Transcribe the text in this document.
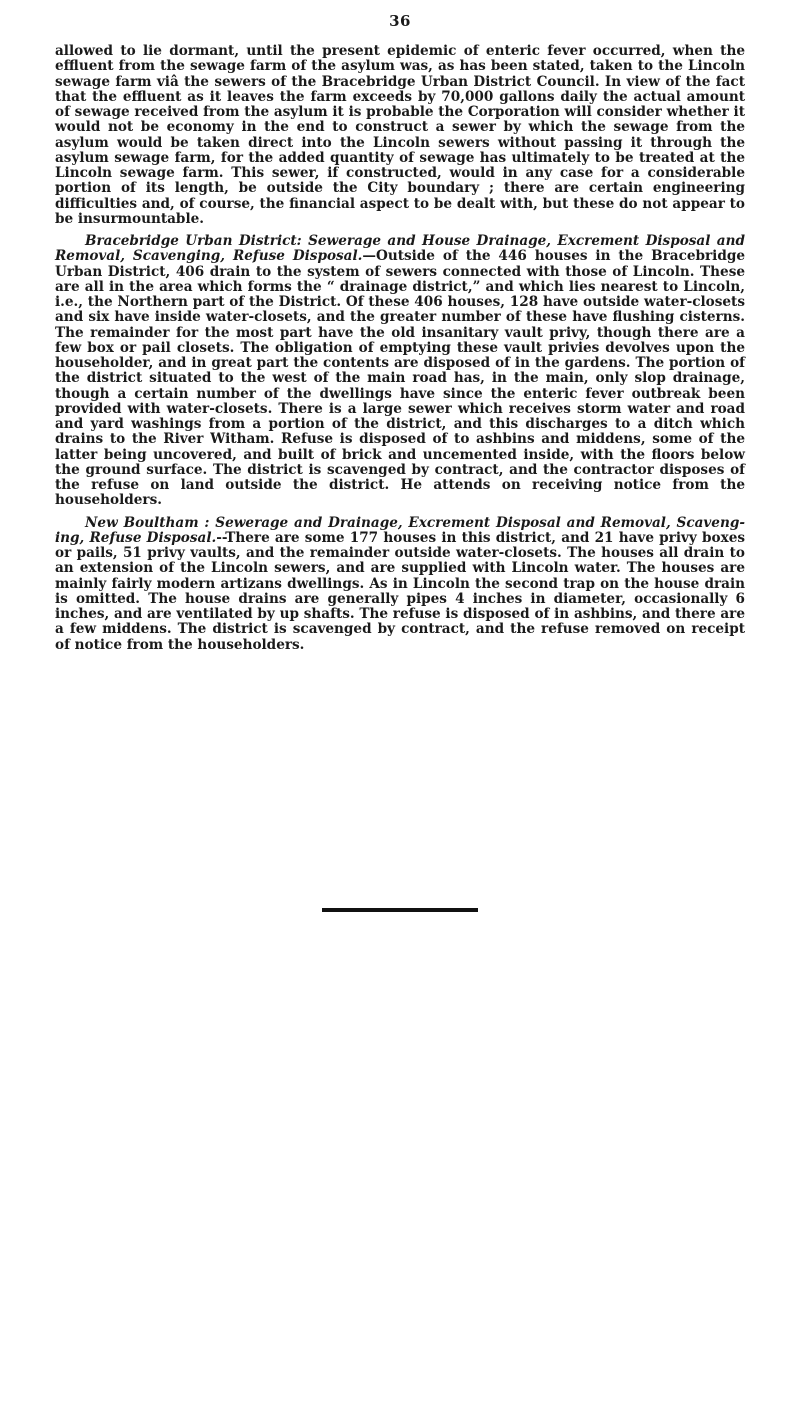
36

allowed to lie dormant, until the present epidemic of enteric fever occurred, when the effluent from the sewage farm of the asylum was, as has been stated, taken to the Lincoln sewage farm viâ the sewers of the Bracebridge Urban District Council. In view of the fact that the effluent as it leaves the farm exceeds by 70,000 gallons daily the actual amount of sewage received from the asylum it is probable the Corporation will consider whether it would not be economy in the end to construct a sewer by which the sewage from the asylum would be taken direct into the Lincoln sewers without passing it through the asylum sewage farm, for the added quantity of sewage has ultimately to be treated at the Lincoln sewage farm. This sewer, if constructed, would in any case for a considerable portion of its length, be outside the City boundary ; there are certain engineering difficulties and, of course, the financial aspect to be dealt with, but these do not appear to be insurmountable.

Bracebridge Urban District: Sewerage and House Drainage, Excrement Disposal and Removal, Scavenging, Refuse Disposal.—Outside of the 446 houses in the Bracebridge Urban District, 406 drain to the system of sewers connected with those of Lincoln. These are all in the area which forms the “ drainage district,” and which lies nearest to Lincoln, i.e., the Northern part of the District. Of these 406 houses, 128 have outside water-closets and six have inside water-closets, and the greater number of these have flushing cisterns. The remainder for the most part have the old insanitary vault privy, though there are a few box or pail closets. The obligation of emptying these vault privies devolves upon the householder, and in great part the contents are disposed of in the gardens. The portion of the district situated to the west of the main road has, in the main, only slop drainage, though a certain number of the dwellings have since the enteric fever outbreak been provided with water-closets. There is a large sewer which receives storm water and road and yard washings from a portion of the district, and this discharges to a ditch which drains to the River Witham. Refuse is disposed of to ashbins and middens, some of the latter being uncovered, and built of brick and uncemented inside, with the floors below the ground surface. The district is scavenged by contract, and the contractor disposes of the refuse on land outside the district. He attends on receiving notice from the householders.

New Boultham : Sewerage and Drainage, Excrement Disposal and Removal, Scaveng- ing, Refuse Disposal.--There are some 177 houses in this district, and 21 have privy boxes or pails, 51 privy vaults, and the remainder outside water-closets. The houses all drain to an extension of the Lincoln sewers, and are supplied with Lincoln water. The houses are mainly fairly modern artizans dwellings. As in Lincoln the second trap on the house drain is omitted. The house drains are generally pipes 4 inches in diameter, occasionally 6 inches, and are ventilated by up shafts. The refuse is disposed of in ashbins, and there are a few middens. The district is scavenged by contract, and the refuse removed on receipt of notice from the householders.
